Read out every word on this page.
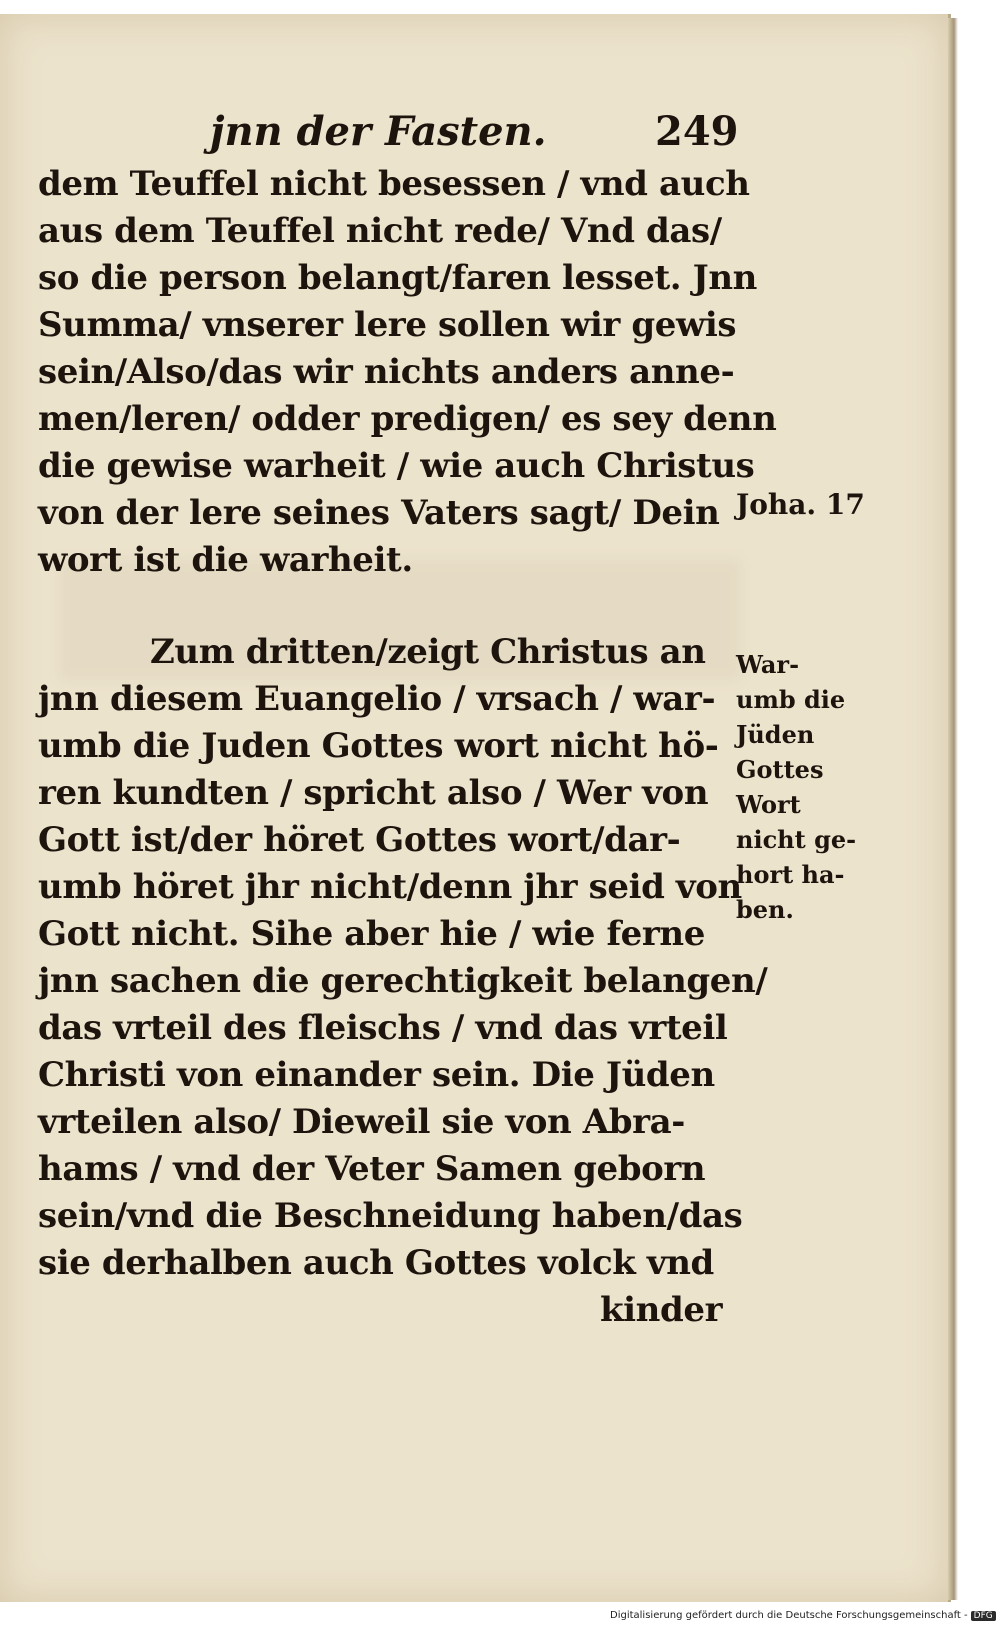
jnn der Fasten.	249
dem Teuffel nicht besessen / vnd auch
aus dem Teuffel nicht rede/ Vnd das/
so die person belangt/faren lesset. Jnn
Summa/ vnserer lere sollen wir gewis
sein/Also/das wir nichts anders anne-
men/leren/ odder predigen/ es sey denn
die gewise warheit / wie auch Christus
von der lere seines Vaters sagt/ Dein
wort ist die warheit.
Zum dritten/zeigt Christus an
jnn diesem Euangelio / vrsach / war-
umb die Juden Gottes wort nicht hö-
ren kundten / spricht also / Wer von
Gott ist/der höret Gottes wort/dar-
umb höret jhr nicht/denn jhr seid von
Gott nicht. Sihe aber hie / wie ferne
jnn sachen die gerechtigkeit belangen/
das vrteil des fleischs / vnd das vrteil
Christi von einander sein. Die Jüden
vrteilen also/ Dieweil sie von Abra-
hams / vnd der Veter Samen geborn
sein/vnd die Beschneidung haben/das
sie derhalben auch Gottes volck vnd
kinder
Joha. 17
War-
umb die
Jüden
Gottes
Wort
nicht ge-
hort ha-
ben.
Digitalisierung gefördert durch die Deutsche Forschungsgemeinschaft - DFG
